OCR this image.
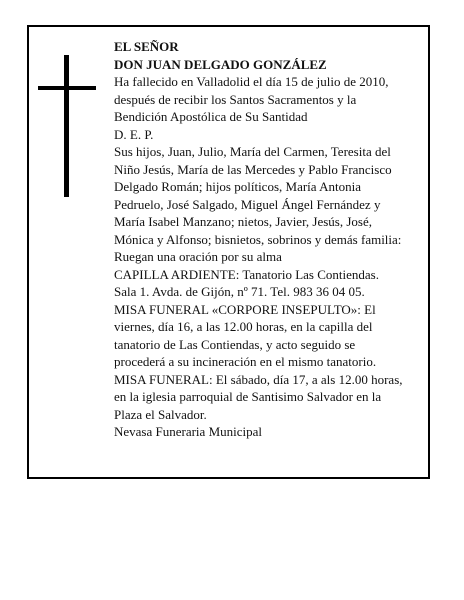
EL SEÑOR
DON JUAN DELGADO GONZÁLEZ
Ha fallecido en Valladolid el día 15 de julio de 2010,
después de recibir los Santos Sacramentos y la
Bendición Apostólica de Su Santidad
D. E. P.
Sus hijos, Juan, Julio, María del Carmen, Teresita del
Niño Jesús, María de las Mercedes y Pablo Francisco
Delgado Román; hijos políticos, María Antonia
Pedruelo, José Salgado, Miguel Ángel Fernández y
María Isabel Manzano; nietos, Javier, Jesús, José,
Mónica y Alfonso; bisnietos, sobrinos y demás familia:
Ruegan una oración por su alma
CAPILLA ARDIENTE: Tanatorio Las Contiendas.
Sala 1. Avda. de Gijón, nº 71. Tel. 983 36 04 05.
MISA FUNERAL «CORPORE INSEPULTO»: El
viernes, día 16, a las 12.00 horas, en la capilla del
tanatorio de Las Contiendas, y acto seguido se
procederá a su incineración en el mismo tanatorio.
MISA FUNERAL: El sábado, día 17, a als 12.00 horas,
en la iglesia parroquial de Santisimo Salvador en la
Plaza el Salvador.
Nevasa Funeraria Municipal
